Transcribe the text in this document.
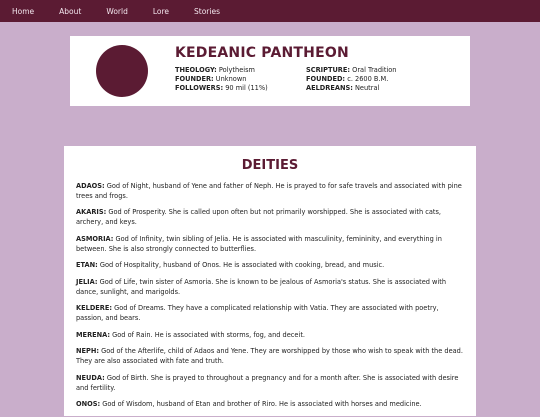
Home	About	World	Lore	Stories
KEDEANIC PANTHEON
THEOLOGY: Polytheism	SCRIPTURE: Oral Tradition
FOUNDER: Unknown	FOUNDED: c. 2600 B.M.
FOLLOWERS: 90 mil (11%)	AELDREANS: Neutral
DEITIES

ADAOS: God of Night, husband of Yene and father of Neph. He is prayed to for safe travels and associated with pine trees and frogs.

AKARIS: God of Prosperity. She is called upon often but not primarily worshipped. She is associated with cats, archery, and keys.

ASMORIA: God of Infinity, twin sibling of Jelia. He is associated with masculinity, femininity, and everything in between. She is also strongly connected to butterflies.

ETAN: God of Hospitality, husband of Onos. He is associated with cooking, bread, and music.

JELIA: God of Life, twin sister of Asmoria. She is known to be jealous of Asmoria's status. She is associated with dance, sunlight, and marigolds.

KELDERE: God of Dreams. They have a complicated relationship with Vatia. They are associated with poetry, passion, and bears.

MERENA: God of Rain. He is associated with storms, fog, and deceit.

NEPH: God of the Afterlife, child of Adaos and Yene. They are worshipped by those who wish to speak with the dead. They are also associated with fate and truth.

NEUDA: God of Birth. She is prayed to throughout a pregnancy and for a month after. She is associated with desire and fertility.

ONOS: God of Wisdom, husband of Etan and brother of Riro. He is associated with horses and medicine.
